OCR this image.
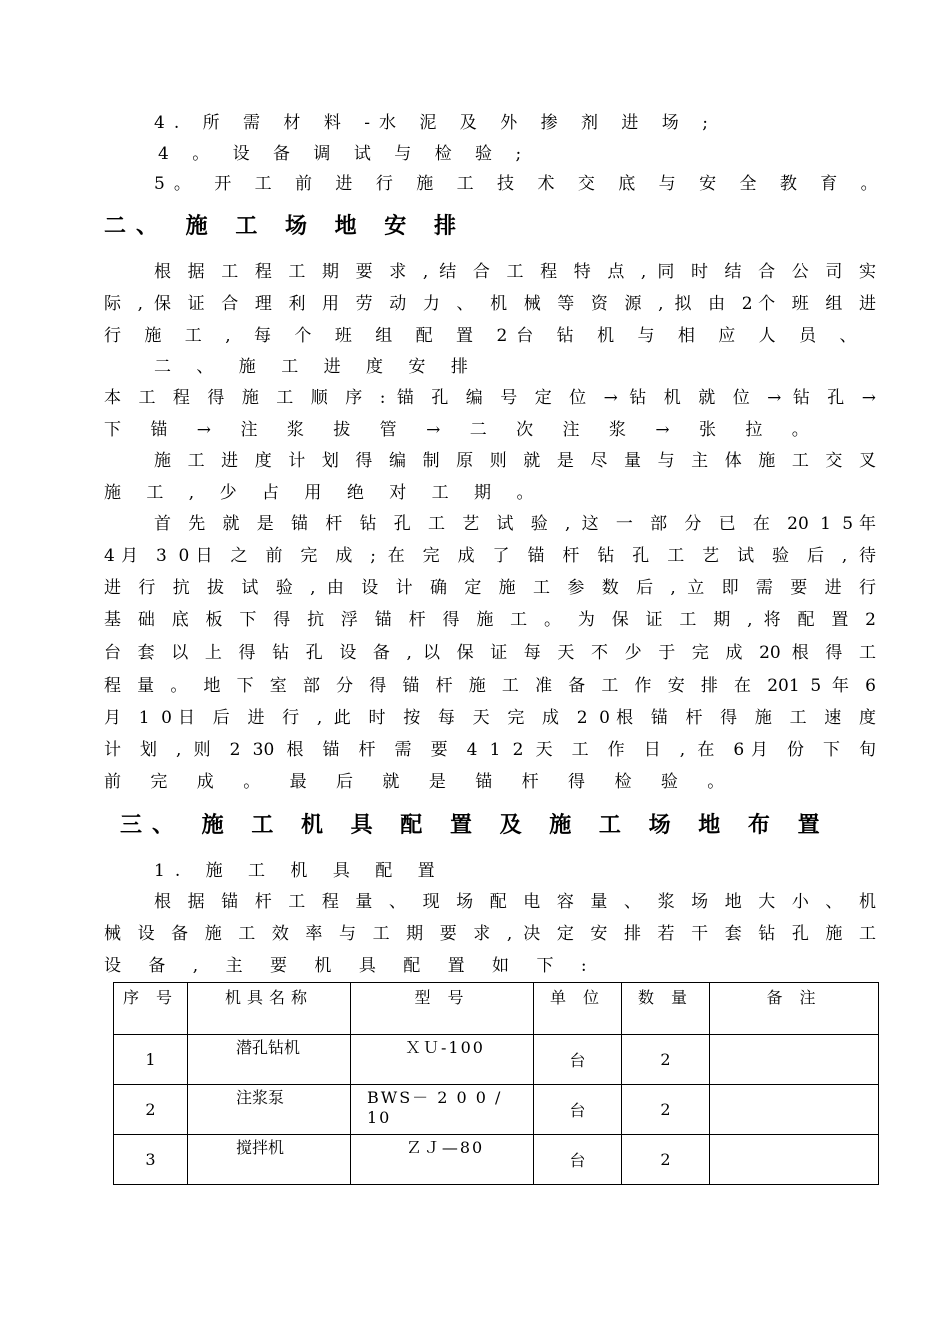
4. 所 需 材 料 -水 泥 及 外 掺 剂 进 场 ;
4 。 设 备 调 试 与 检 验 ;
5。 开 工 前 进 行 施 工 技 术 交 底 与 安 全 教 育 。
二、 施 工 场 地 安 排
根 据 工 程 工 期 要 求 , 结 合 工 程 特 点 , 同 时 结 合 公 司 实
际 , 保 证 合 理 利 用 劳 动 力 、 机 械 等 资 源 , 拟 由 2个 班 组 进
行 施 工 , 每 个 班 组 配 置 2台 钻 机 与 相 应 人 员 、
二 、 施 工 进 度 安 排
本 工 程 得 施 工 顺 序 : 锚 孔 编 号 定 位 → 钻 机 就 位 → 钻 孔 →
下 锚 → 注 浆 拔 管 → 二 次 注 浆 → 张 拉 。
施 工 进 度 计 划 得 编 制 原 则 就 是 尽 量 与 主 体 施 工 交 叉
施 工 , 少 占 用 绝 对 工 期 。
首 先 就 是 锚 杆 钻 孔 工 艺 试 验 , 这 一 部 分 已 在 20 1 5年
4月 3 0日 之 前 完 成 ; 在 完 成 了 锚 杆 钻 孔 工 艺 试 验 后 , 待
进 行 抗 拔 试 验 , 由 设 计 确 定 施 工 参 数 后 , 立 即 需 要 进 行
基 础 底 板 下 得 抗 浮 锚 杆 得 施 工 。 为 保 证 工 期 , 将 配 置 2
台 套 以 上 得 钻 孔 设 备 , 以 保 证 每 天 不 少 于 完 成 20 根 得 工
程 量 。 地 下 室 部 分 得 锚 杆 施 工 准 备 工 作 安 排 在 201 5 年 6
月 1 0日 后 进 行 , 此 时 按 每 天 完 成 2 0根 锚 杆 得 施 工 速 度
计 划 , 则 2 30 根 锚 杆 需 要 4 1 2 天 工 作 日 , 在 6月 份 下 旬
前 完 成 。 最 后 就 是 锚 杆 得 检 验 。
三、 施 工 机 具 配 置 及 施 工 场 地 布 置
1. 施 工 机 具 配 置
根 据 锚 杆 工 程 量 、 现 场 配 电 容 量 、 浆 场 地 大 小 、 机
械 设 备 施 工 效 率 与 工 期 要 求 , 决 定 安 排 若 干 套 钻 孔 施 工
设 备 , 主 要 机 具 配 置 如 下 :
序 号	机具名称	型 号	单 位	数 量	备 注
1	潜孔钻机	ＸＵ-100	台	2	
2	注浆泵	BWS－ 2 0 0 / 10	台	2	
3	搅拌机	ＺＪ—80	台	2	
